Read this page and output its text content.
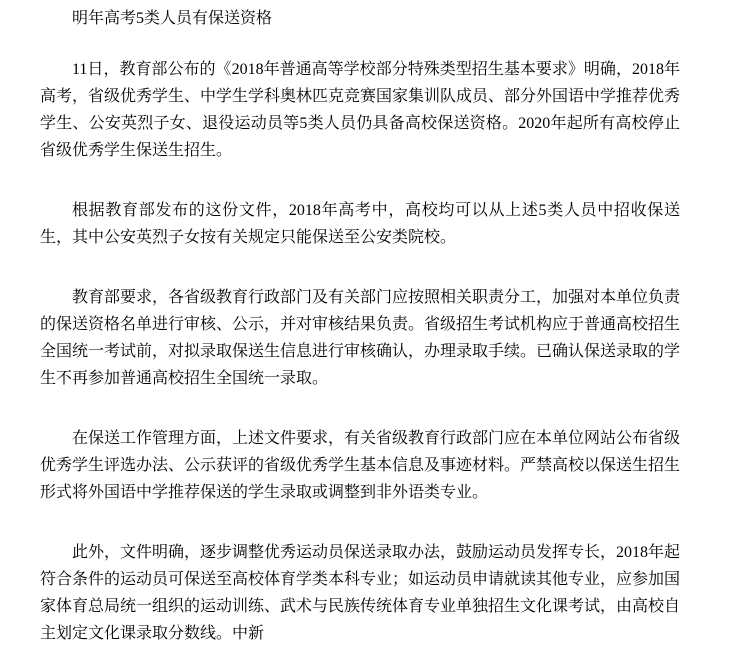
明年高考5类人员有保送资格

11日，教育部公布的《2018年普通高等学校部分特殊类型招生基本要求》明确，2018年高考，省级优秀学生、中学生学科奥林匹克竞赛国家集训队成员、部分外国语中学推荐优秀学生、公安英烈子女、退役运动员等5类人员仍具备高校保送资格。2020年起所有高校停止省级优秀学生保送生招生。

根据教育部发布的这份文件，2018年高考中，高校均可以从上述5类人员中招收保送生，其中公安英烈子女按有关规定只能保送至公安类院校。

教育部要求，各省级教育行政部门及有关部门应按照相关职责分工，加强对本单位负责的保送资格名单进行审核、公示，并对审核结果负责。省级招生考试机构应于普通高校招生全国统一考试前，对拟录取保送生信息进行审核确认，办理录取手续。已确认保送录取的学生不再参加普通高校招生全国统一录取。

在保送工作管理方面，上述文件要求，有关省级教育行政部门应在本单位网站公布省级优秀学生评选办法、公示获评的省级优秀学生基本信息及事迹材料。严禁高校以保送生招生形式将外国语中学推荐保送的学生录取或调整到非外语类专业。

此外，文件明确，逐步调整优秀运动员保送录取办法，鼓励运动员发挥专长，2018年起符合条件的运动员可保送至高校体育学类本科专业；如运动员申请就读其他专业，应参加国家体育总局统一组织的运动训练、武术与民族传统体育专业单独招生文化课考试，由高校自主划定文化课录取分数线。中新
